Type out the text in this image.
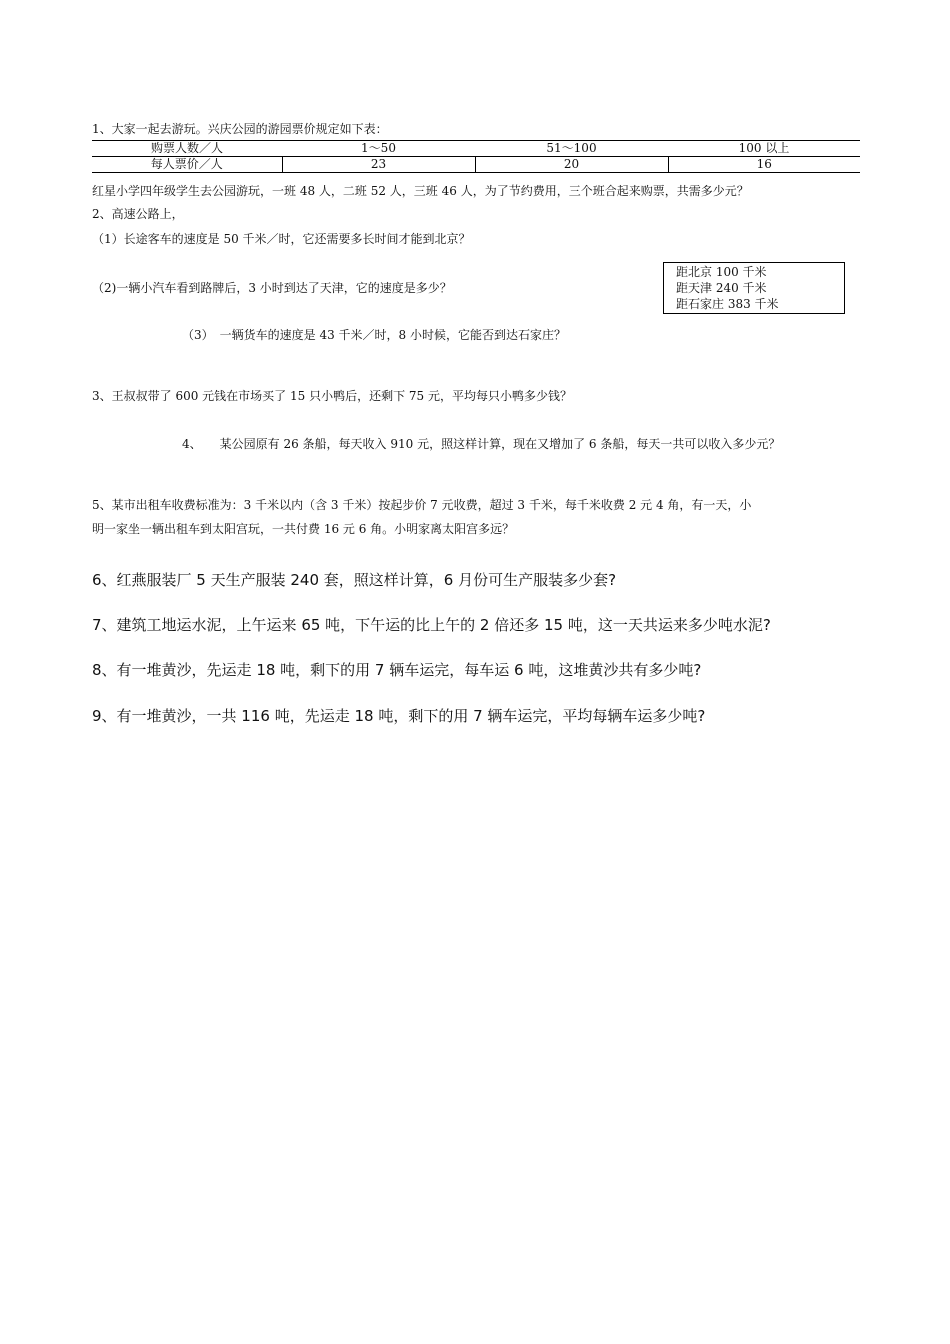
1、大家一起去游玩。兴庆公园的游园票价规定如下表：
购票人数／人	1～50	51～100	100 以上
每人票价／人	23	20	16
红星小学四年级学生去公园游玩，一班 48 人，二班 52 人，三班 46 人，为了节约费用，三个班合起来购票，共需多少元？
2、高速公路上，
（1）长途客车的速度是 50 千米／时，它还需要多长时间才能到北京？
（2)一辆小汽车看到路牌后，3 小时到达了天津，它的速度是多少？
距北京 100 千米
距天津 240 千米
距石家庄 383 千米
（3）　一辆货车的速度是 43 千米／时，8 小时候，它能否到达石家庄？
3、王叔叔带了 600 元钱在市场买了 15 只小鸭后，还剩下 75 元，平均每只小鸭多少钱？
4、　　某公园原有 26 条船，每天收入 910 元，照这样计算，现在又增加了 6 条船，每天一共可以收入多少元？
5、某市出租车收费标准为：3 千米以内（含 3 千米）按起步价 7 元收费，超过 3 千米，每千米收费 2 元 4 角，有一天，小
明一家坐一辆出租车到太阳宫玩，一共付费 16 元 6 角。小明家离太阳宫多远？
6、红燕服装厂 5 天生产服装 240 套，照这样计算，6 月份可生产服装多少套?
7、建筑工地运水泥，上午运来 65 吨，下午运的比上午的 2 倍还多 15 吨，这一天共运来多少吨水泥?
8、有一堆黄沙，先运走 18 吨，剩下的用 7 辆车运完，每车运 6 吨，这堆黄沙共有多少吨?
9、有一堆黄沙，一共 116 吨，先运走 18 吨，剩下的用 7 辆车运完，平均每辆车运多少吨?
